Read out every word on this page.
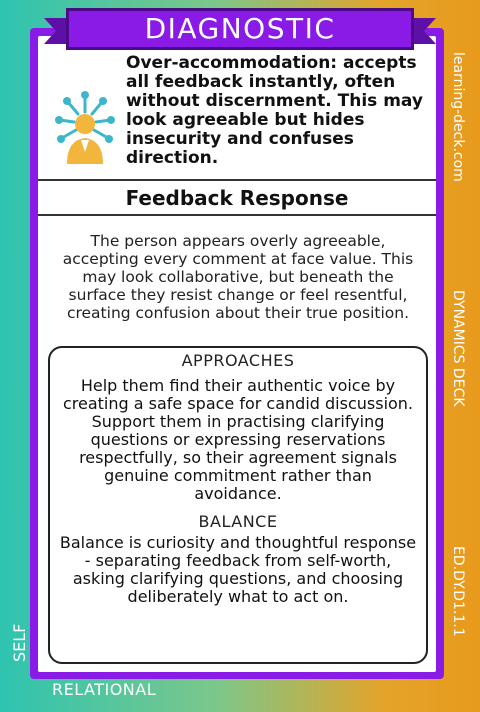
DIAGNOSTIC
Over-accommodation: accepts all feedback instantly, often without discernment. This may look agreeable but hides insecurity and confuses direction.
Feedback Response
The person appears overly agreeable, accepting every comment at face value. This may look collaborative, but beneath the surface they resist change or feel resentful, creating confusion about their true position.
APPROACHES
Help them find their authentic voice by creating a safe space for candid discussion. Support them in practising clarifying questions or expressing reservations respectfully, so their agreement signals genuine commitment rather than avoidance.
BALANCE
Balance is curiosity and thoughtful response - separating feedback from self-worth, asking clarifying questions, and choosing deliberately what to act on.
learning-deck.com
DYNAMICS DECK
ED.DY.D1.1.1
SELF
RELATIONAL
